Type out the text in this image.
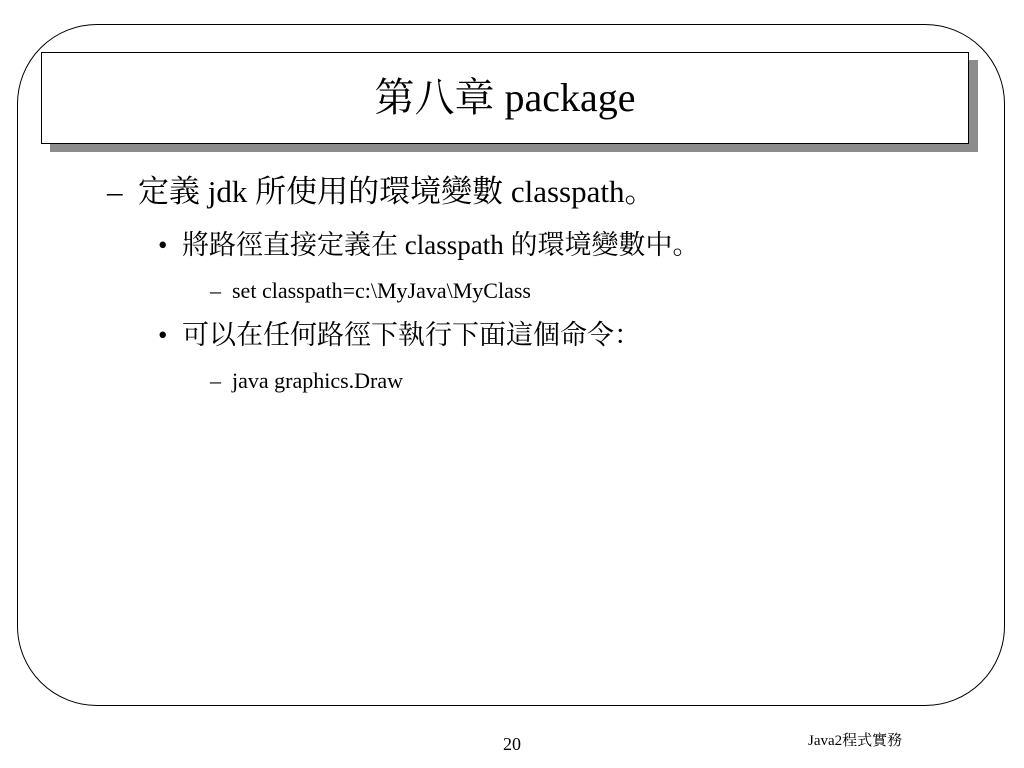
第八章 package
– 定義 jdk 所使用的環境變數 classpath。
• 將路徑直接定義在 classpath 的環境變數中。
– set classpath=c:\MyJava\MyClass
• 可以在任何路徑下執行下面這個命令：
– java graphics.Draw
20	Java2程式實務
